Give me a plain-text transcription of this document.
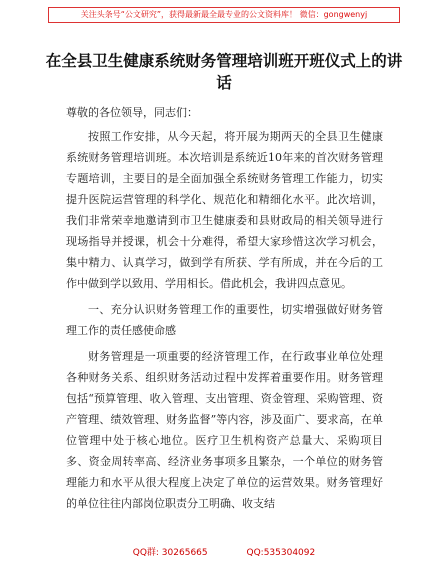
关注头条号“公文研究”，获得最新最全最专业的公文资料库！ 微信：gongwenyj
在全县卫生健康系统财务管理培训班开班仪式上的讲话

尊敬的各位领导，同志们：

按照工作安排，从今天起，将开展为期两天的全县卫生健康系统财务管理培训班。本次培训是系统近10年来的首次财务管理专题培训，主要目的是全面加强全系统财务管理工作能力，切实提升医院运营管理的科学化、规范化和精细化水平。此次培训，我们非常荣幸地邀请到市卫生健康委和县财政局的相关领导进行现场指导并授课，机会十分难得，希望大家珍惜这次学习机会，集中精力、认真学习，做到学有所获、学有所成，并在今后的工作中做到学以致用、学用相长。借此机会，我讲四点意见。

一、充分认识财务管理工作的重要性，切实增强做好财务管理工作的责任感使命感

财务管理是一项重要的经济管理工作，在行政事业单位处理各种财务关系、组织财务活动过程中发挥着重要作用。财务管理包括“预算管理、收入管理、支出管理、资金管理、采购管理、资产管理、绩效管理、财务监督”等内容，涉及面广、要求高，在单位管理中处于核心地位。医疗卫生机构资产总量大、采购项目多、资金周转率高、经济业务事项多且繁杂，一个单位的财务管理能力和水平从很大程度上决定了单位的运营效果。财务管理好的单位往往内部岗位职责分工明确、收支结

QQ群: 30265665	QQ:535304092
